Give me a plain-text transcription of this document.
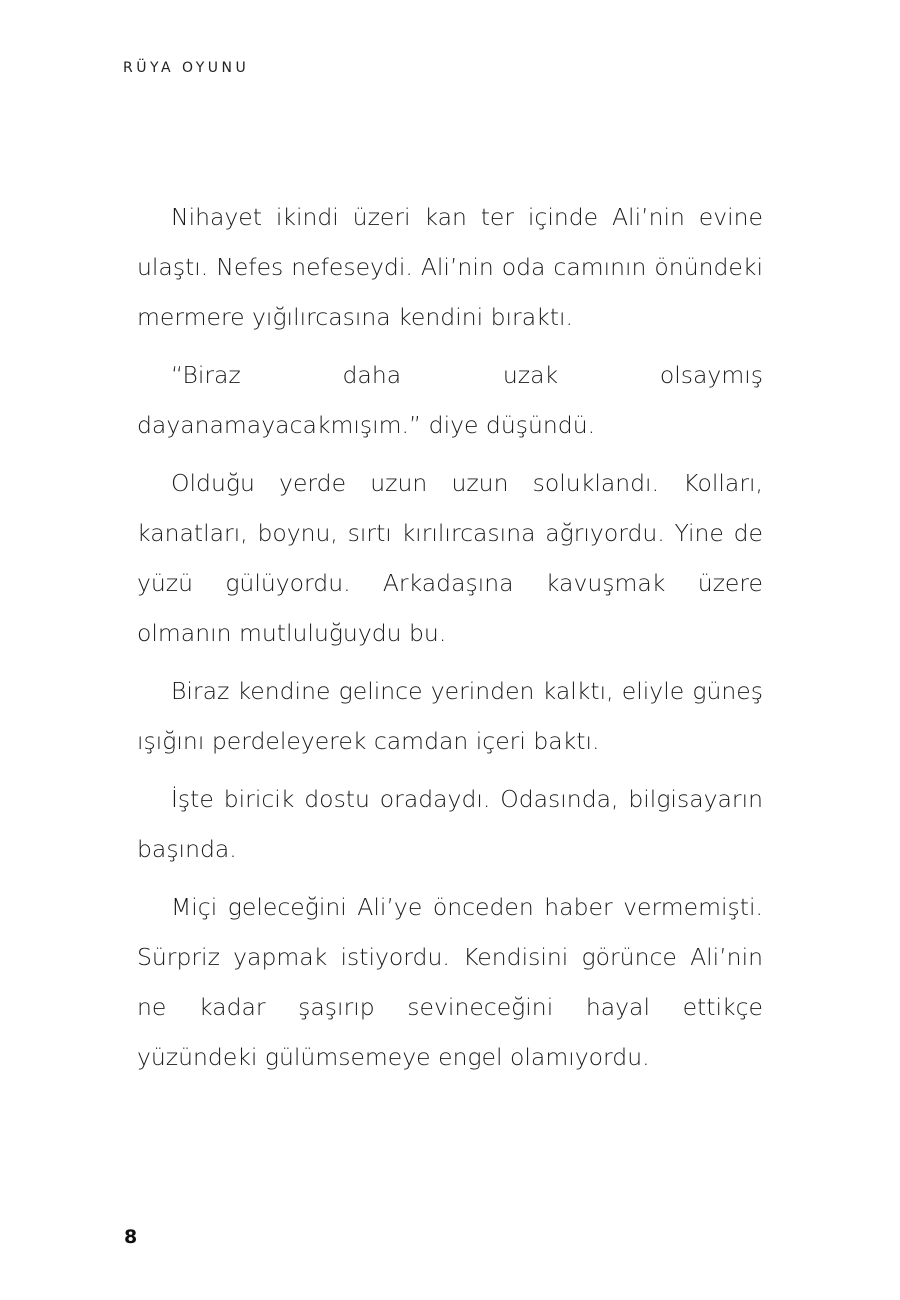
RÜYA OYUNU

Nihayet ikindi üzeri kan ter içinde Ali’nin evine ulaştı. Nefes nefeseydi. Ali’nin oda camının önündeki mermere yığılırcasına kendini bıraktı.

“Biraz daha uzak olsaymış dayanamayacakmışım.” diye düşündü.

Olduğu yerde uzun uzun soluklandı. Kolları, kanatları, boynu, sırtı kırılırcasına ağrıyordu. Yine de yüzü gülüyordu. Arkadaşına kavuşmak üzere olmanın mutluluğuydu bu.

Biraz kendine gelince yerinden kalktı, eliyle güneş ışığını perdeleyerek camdan içeri baktı.

İşte biricik dostu oradaydı. Odasında, bilgisayarın başında.

Miçi geleceğini Ali’ye önceden haber vermemişti. Sürpriz yapmak istiyordu. Kendisini görünce Ali’nin ne kadar şaşırıp sevineceğini hayal ettikçe yüzündeki gülümsemeye engel olamıyordu.

8
